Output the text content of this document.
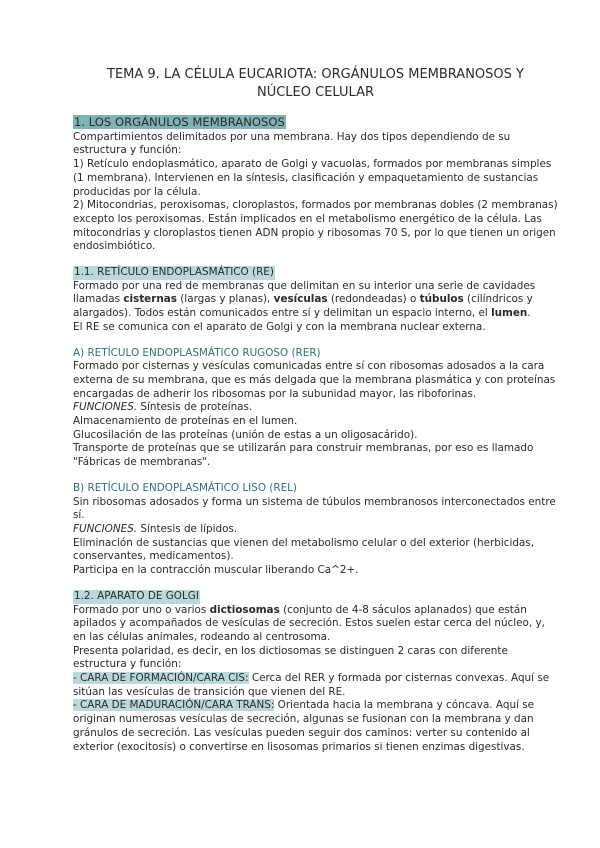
TEMA 9. LA CÉLULA EUCARIOTA: ORGÁNULOS MEMBRANOSOS Y NÚCLEO CELULAR
1. LOS ORGÁNULOS MEMBRANOSOS

Compartimientos delimitados por una membrana. Hay dos tipos dependiendo de su estructura y función:

1) Retículo endoplasmático, aparato de Golgi y vacuolas, formados por membranas simples (1 membrana). Intervienen en la síntesis, clasificación y empaquetamiento de sustancias producidas por la célula.

2) Mitocondrias, peroxisomas, cloroplastos, formados por membranas dobles (2 membranas) excepto los peroxisomas. Están implicados en el metabolismo energético de la célula. Las mitocondrias y cloroplastos tienen ADN propio y ribosomas 70 S, por lo que tienen un origen endosimbiótico.

1.1. RETÍCULO ENDOPLASMÁTICO (RE)

Formado por una red de membranas que delimitan en su interior una serie de cavidades llamadas cisternas (largas y planas), vesículas (redondeadas) o túbulos (cilíndricos y alargados). Todos están comunicados entre sí y delimitan un espacio interno, el lumen.

El RE se comunica con el aparato de Golgi y con la membrana nuclear externa.

A) RETÍCULO ENDOPLASMÁTICO RUGOSO (RER)

Formado por cisternas y vesículas comunicadas entre sí con ribosomas adosados a la cara externa de su membrana, que es más delgada que la membrana plasmática y con proteínas encargadas de adherir los ribosomas por la subunidad mayor, las riboforinas.

FUNCIONES. Síntesis de proteínas.

Almacenamiento de proteínas en el lumen.

Glucosilación de las proteínas (unión de estas a un oligosacárido).

Transporte de proteínas que se utilizarán para construir membranas, por eso es llamado "Fábricas de membranas".

B) RETÍCULO ENDOPLASMÁTICO LISO (REL)

Sin ribosomas adosados y forma un sistema de túbulos membranosos interconectados entre sí.

FUNCIONES. Síntesis de lípidos.

Eliminación de sustancias que vienen del metabolismo celular o del exterior (herbicidas, conservantes, medicamentos).

Participa en la contracción muscular liberando Ca^2+.

1.2. APARATO DE GOLGI

Formado por uno o varios dictiosomas (conjunto de 4-8 sáculos aplanados) que están apilados y acompañados de vesículas de secreción. Estos suelen estar cerca del núcleo, y, en las células animales, rodeando al centrosoma.

Presenta polaridad, es decir, en los dictiosomas se distinguen 2 caras con diferente estructura y función:

- CARA DE FORMACIÓN/CARA CIS: Cerca del RER y formada por cisternas convexas. Aquí se sitúan las vesículas de transición que vienen del RE.

- CARA DE MADURACIÓN/CARA TRANS: Orientada hacia la membrana y cóncava. Aquí se originan numerosas vesículas de secreción, algunas se fusionan con la membrana y dan gránulos de secreción. Las vesículas pueden seguir dos caminos: verter su contenido al exterior (exocitosis) o convertirse en lisosomas primarios si tienen enzimas digestivas.
